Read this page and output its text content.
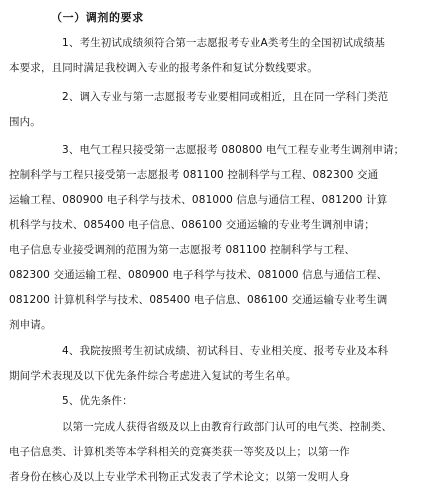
（一）调剂的要求
1、考生初试成绩须符合第一志愿报考专业A类考生的全国初试成绩基
本要求，且同时满足我校调入专业的报考条件和复试分数线要求。
2、调入专业与第一志愿报考专业要相同或相近，且在同一学科门类范
围内。
3、电气工程只接受第一志愿报考 080800 电气工程专业考生调剂申请；
控制科学与工程只接受第一志愿报考 081100 控制科学与工程、082300 交通
运输工程、080900 电子科学与技术、081000 信息与通信工程、081200 计算
机科学与技术、085400 电子信息、086100 交通运输的专业考生调剂申请；
电子信息专业接受调剂的范围为第一志愿报考 081100 控制科学与工程、
082300 交通运输工程、080900 电子科学与技术、081000 信息与通信工程、
081200 计算机科学与技术、085400 电子信息、086100 交通运输专业考生调
剂申请。
4、我院按照考生初试成绩、初试科目、专业相关度、报考专业及本科
期间学术表现及以下优先条件综合考虑进入复试的考生名单。
5、优先条件：
以第一完成人获得省级及以上由教育行政部门认可的电气类、控制类、
电子信息类、计算机类等本学科相关的竞赛类获一等奖及以上；以第一作
者身份在核心及以上专业学术刊物正式发表了学术论文；以第一发明人身
